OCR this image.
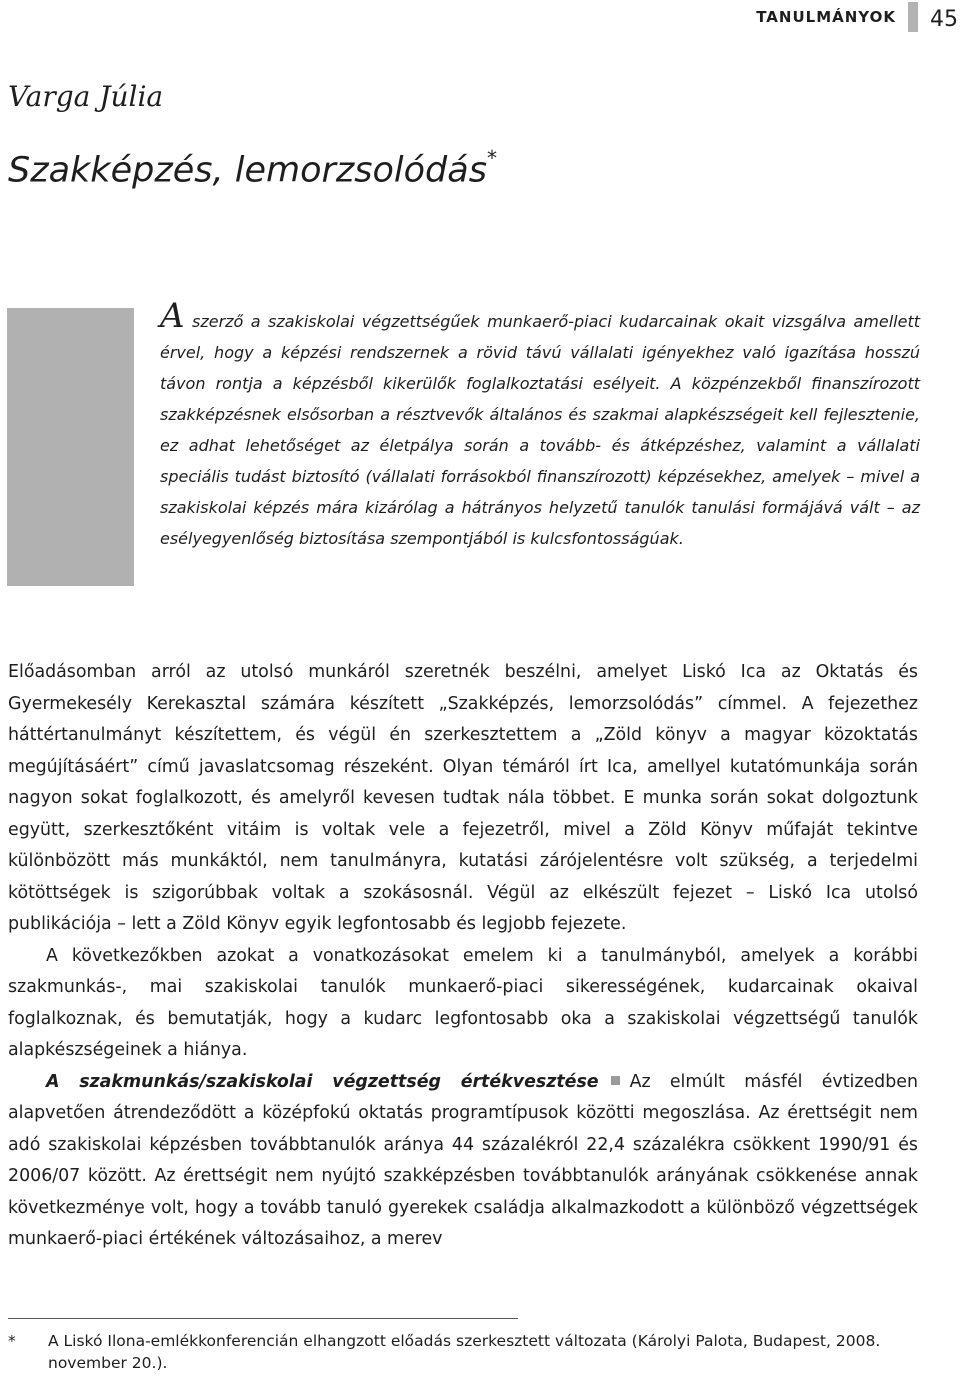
TANULMÁNYOK 45
Varga Júlia
Szakképzés, lemorzsolódás*
A szerző a szakiskolai végzettségűek munkaerő-piaci kudarcainak okait vizsgálva amellett érvel, hogy a képzési rendszernek a rövid távú vállalati igényekhez való igazítása hosszú távon rontja a képzésből kikerülők foglalkoztatási esélyeit. A közpénzekből finanszírozott szakképzésnek elsősorban a résztvevők általános és szakmai alapkészségeit kell fejlesztenie, ez adhat lehetőséget az életpálya során a tovább- és átképzéshez, valamint a vállalati speciális tudást biztosító (vállalati forrásokból finanszírozott) képzésekhez, amelyek – mivel a szakiskolai képzés mára kizárólag a hátrányos helyzetű tanulók tanulási formájává vált – az esélyegyenlőség biztosítása szempontjából is kulcsfontosságúak.

Előadásomban arról az utolsó munkáról szeretnék beszélni, amelyet Liskó Ica az Oktatás és Gyermekesély Kerekasztal számára készített „Szakképzés, lemorzsolódás” címmel. A fejezethez háttértanulmányt készítettem, és végül én szerkesztettem a „Zöld könyv a magyar közoktatás megújításáért” című javaslatcsomag részeként. Olyan témáról írt Ica, amellyel kutatómunkája során nagyon sokat foglalkozott, és amelyről kevesen tudtak nála többet. E munka során sokat dolgoztunk együtt, szerkesztőként vitáim is voltak vele a fejezetről, mivel a Zöld Könyv műfaját tekintve különbözött más munkáktól, nem tanulmányra, kutatási zárójelentésre volt szükség, a terjedelmi kötöttségek is szigorúbbak voltak a szokásosnál. Végül az elkészült fejezet – Liskó Ica utolsó publikációja – lett a Zöld Könyv egyik legfontosabb és legjobb fejezete.

A következőkben azokat a vonatkozásokat emelem ki a tanulmányból, amelyek a korábbi szakmunkás-, mai szakiskolai tanulók munkaerő-piaci sikerességének, kudarcainak okaival foglalkoznak, és bemutatják, hogy a kudarc legfontosabb oka a szakiskolai végzettségű tanulók alapkészségeinek a hiánya.

A szakmunkás/szakiskolai végzettség értékvesztése Az elmúlt másfél évtizedben alapvetően átrendeződött a középfokú oktatás programtípusok közötti megoszlása. Az érettségit nem adó szakiskolai képzésben továbbtanulók aránya 44 százalékról 22,4 százalékra csökkent 1990/91 és 2006/07 között. Az érettségit nem nyújtó szakképzésben továbbtanulók arányának csökkenése annak következménye volt, hogy a tovább tanuló gyerekek családja alkalmazkodott a különböző végzettségek munkaerő-piaci értékének változásaihoz, a merev

* A Liskó Ilona-emlékkonferencián elhangzott előadás szerkesztett változata (Károlyi Palota, Budapest, 2008. november 20.).
